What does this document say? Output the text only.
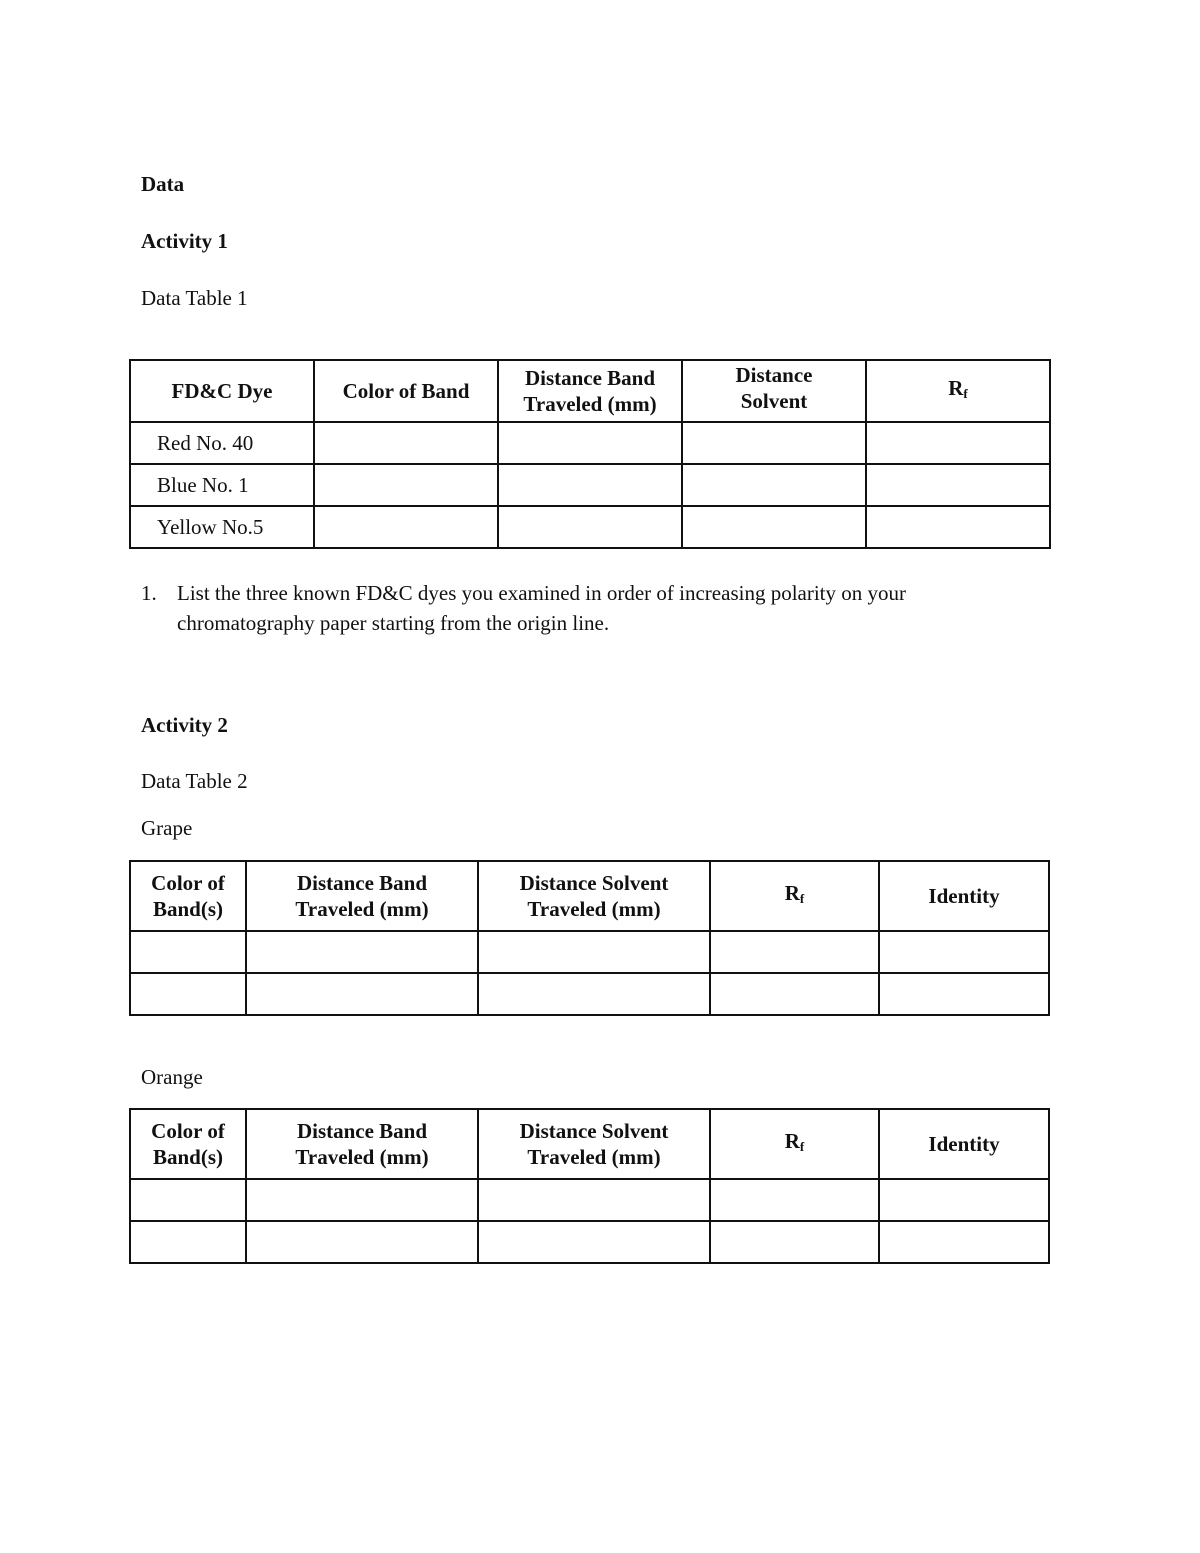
Data
Activity 1
Data Table 1
FD&C Dye	Color of Band	Distance Band Traveled (mm)	Distance Solvent	$R_f$
Red No. 40				
Blue No. 1				
Yellow No.5				
1. List the three known FD&C dyes you examined in order of increasing polarity on your chromatography paper starting from the origin line.
Activity 2
Data Table 2
Grape
Color of Band(s)	Distance Band Traveled (mm)	Distance Solvent Traveled (mm)	$R_f$	Identity

Orange
Color of Band(s)	Distance Band Traveled (mm)	Distance Solvent Traveled (mm)	$R_f$	Identity
